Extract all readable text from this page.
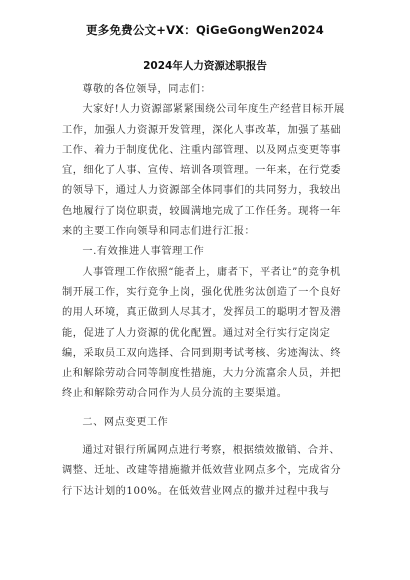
更多免费公文+VX：QiGeGongWen2024
2024年人力资源述职报告

尊敬的各位领导，同志们：

大家好!人力资源部紧紧围绕公司年度生产经营目标开展工作，加强人力资源开发管理，深化人事改革，加强了基础工作、着力于制度优化、注重内部管理、以及网点变更等事宜，细化了人事、宣传、培训各项管理。一年来，在行党委的领导下，通过人力资源部全体同事们的共同努力，我较出色地履行了岗位职责，较圆满地完成了工作任务。现将一年来的主要工作向领导和同志们进行汇报：

一.有效推进人事管理工作

人事管理工作依照“能者上，庸者下，平者让”的竞争机制开展工作，实行竞争上岗，强化优胜劣汰创造了一个良好的用人环境，真正做到人尽其才，发挥员工的聪明才智及潜能，促进了人力资源的优化配置。通过对全行实行定岗定编，采取员工双向选择、合同到期考试考核、劣迹淘汰、终止和解除劳动合同等制度性措施，大力分流富余人员，并把终止和解除劳动合同作为人员分流的主要渠道。

二、网点变更工作

通过对银行所属网点进行考察，根据绩效撤销、合并、调整、迁址、改建等措施撤并低效营业网点多个，完成省分行下达计划的100%。在低效营业网点的撤并过程中我与
